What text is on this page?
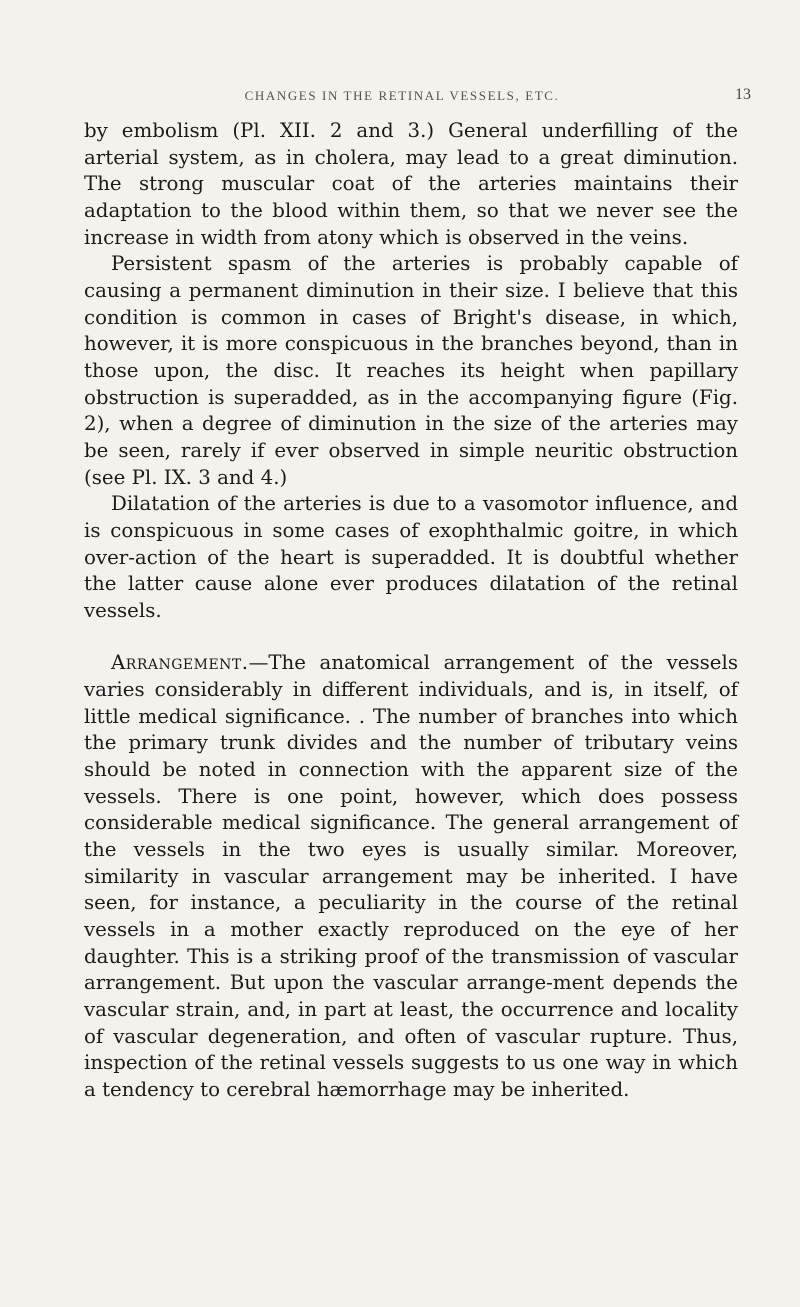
CHANGES IN THE RETINAL VESSELS, ETC.	13

by embolism (Pl. XII. 2 and 3.) General underfilling of the arterial system, as in cholera, may lead to a great diminution. The strong muscular coat of the arteries maintains their adaptation to the blood within them, so that we never see the increase in width from atony which is observed in the veins.

Persistent spasm of the arteries is probably capable of causing a permanent diminution in their size. I believe that this condition is common in cases of Bright's disease, in which, however, it is more conspicuous in the branches beyond, than in those upon, the disc. It reaches its height when papillary obstruction is superadded, as in the accompanying figure (Fig. 2), when a degree of diminution in the size of the arteries may be seen, rarely if ever observed in simple neuritic obstruction (see Pl. IX. 3 and 4.)

Dilatation of the arteries is due to a vasomotor influence, and is conspicuous in some cases of exophthalmic goitre, in which over-action of the heart is superadded. It is doubtful whether the latter cause alone ever produces dilatation of the retinal vessels.

Arrangement.—The anatomical arrangement of the vessels varies considerably in different individuals, and is, in itself, of little medical significance. . The number of branches into which the primary trunk divides and the number of tributary veins should be noted in connection with the apparent size of the vessels. There is one point, however, which does possess considerable medical significance. The general arrangement of the vessels in the two eyes is usually similar. Moreover, similarity in vascular arrangement may be inherited. I have seen, for instance, a peculiarity in the course of the retinal vessels in a mother exactly reproduced on the eye of her daughter. This is a striking proof of the transmission of vascular arrangement. But upon the vascular arrange-ment depends the vascular strain, and, in part at least, the occurrence and locality of vascular degeneration, and often of vascular rupture. Thus, inspection of the retinal vessels suggests to us one way in which a tendency to cerebral hæmorrhage may be inherited.
